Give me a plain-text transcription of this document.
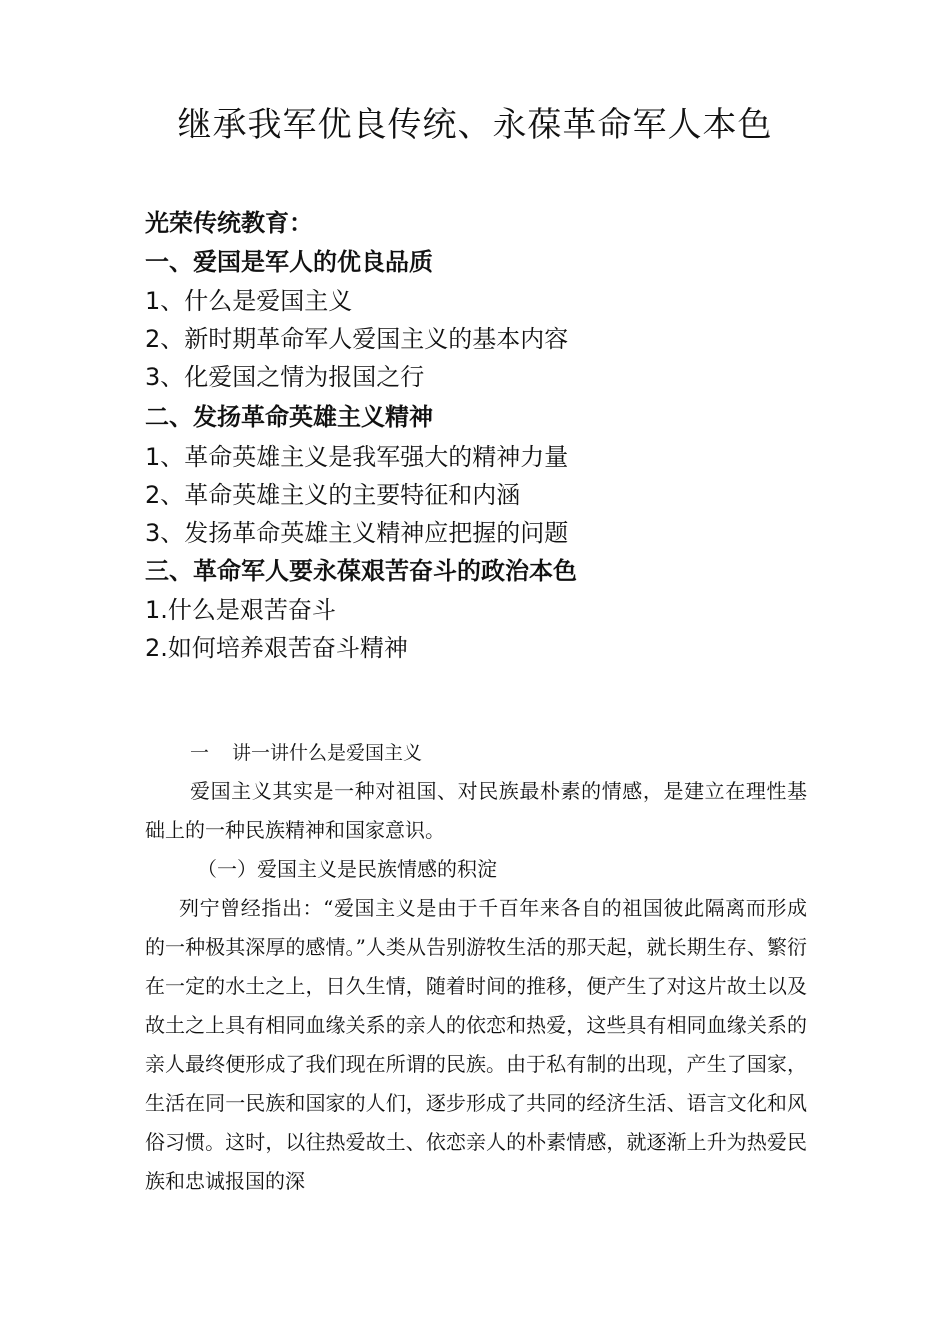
继承我军优良传统、永葆革命军人本色
光荣传统教育：
一、爱国是军人的优良品质
1、什么是爱国主义
2、新时期革命军人爱国主义的基本内容
3、化爱国之情为报国之行
二、发扬革命英雄主义精神
1、革命英雄主义是我军强大的精神力量
2、革命英雄主义的主要特征和内涵
3、发扬革命英雄主义精神应把握的问题
三、革命军人要永葆艰苦奋斗的政治本色
1.什么是艰苦奋斗
2.如何培养艰苦奋斗精神
一 讲一讲什么是爱国主义

爱国主义其实是一种对祖国、对民族最朴素的情感，是建立在理性基础上的一种民族精神和国家意识。

（一）爱国主义是民族情感的积淀

列宁曾经指出：“爱国主义是由于千百年来各自的祖国彼此隔离而形成的一种极其深厚的感情。”人类从告别游牧生活的那天起，就长期生存、繁衍在一定的水土之上，日久生情，随着时间的推移，便产生了对这片故土以及故土之上具有相同血缘关系的亲人的依恋和热爱，这些具有相同血缘关系的亲人最终便形成了我们现在所谓的民族。由于私有制的出现，产生了国家，生活在同一民族和国家的人们，逐步形成了共同的经济生活、语言文化和风俗习惯。这时，以往热爱故土、依恋亲人的朴素情感，就逐渐上升为热爱民族和忠诚报国的深
